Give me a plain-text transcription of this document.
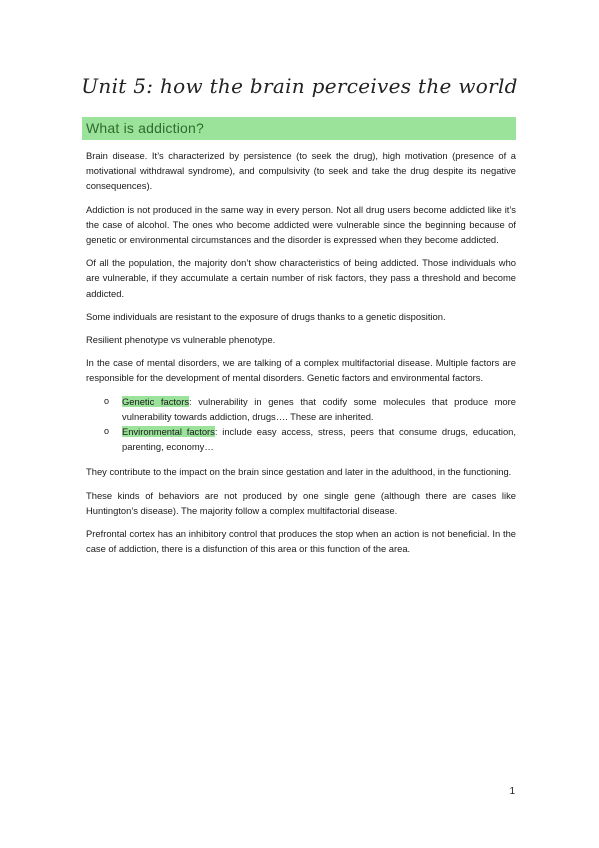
Unit 5: how the brain perceives the world
What is addiction?

Brain disease. It’s characterized by persistence (to seek the drug), high motivation (presence of a motivational withdrawal syndrome), and compulsivity (to seek and take the drug despite its negative consequences).

Addiction is not produced in the same way in every person. Not all drug users become addicted like it’s the case of alcohol. The ones who become addicted were vulnerable since the beginning because of genetic or environmental circumstances and the disorder is expressed when they become addicted.

Of all the population, the majority don’t show characteristics of being addicted. Those individuals who are vulnerable, if they accumulate a certain number of risk factors, they pass a threshold and become addicted.

Some individuals are resistant to the exposure of drugs thanks to a genetic disposition.

Resilient phenotype vs vulnerable phenotype.

In the case of mental disorders, we are talking of a complex multifactorial disease. Multiple factors are responsible for the development of mental disorders. Genetic factors and environmental factors.

o Genetic factors: vulnerability in genes that codify some molecules that produce more vulnerability towards addiction, drugs…. These are inherited.
o Environmental factors: include easy access, stress, peers that consume drugs, education, parenting, economy…

They contribute to the impact on the brain since gestation and later in the adulthood, in the functioning.

These kinds of behaviors are not produced by one single gene (although there are cases like Huntington’s disease). The majority follow a complex multifactorial disease.

Prefrontal cortex has an inhibitory control that produces the stop when an action is not beneficial. In the case of addiction, there is a disfunction of this area or this function of the area.

1
